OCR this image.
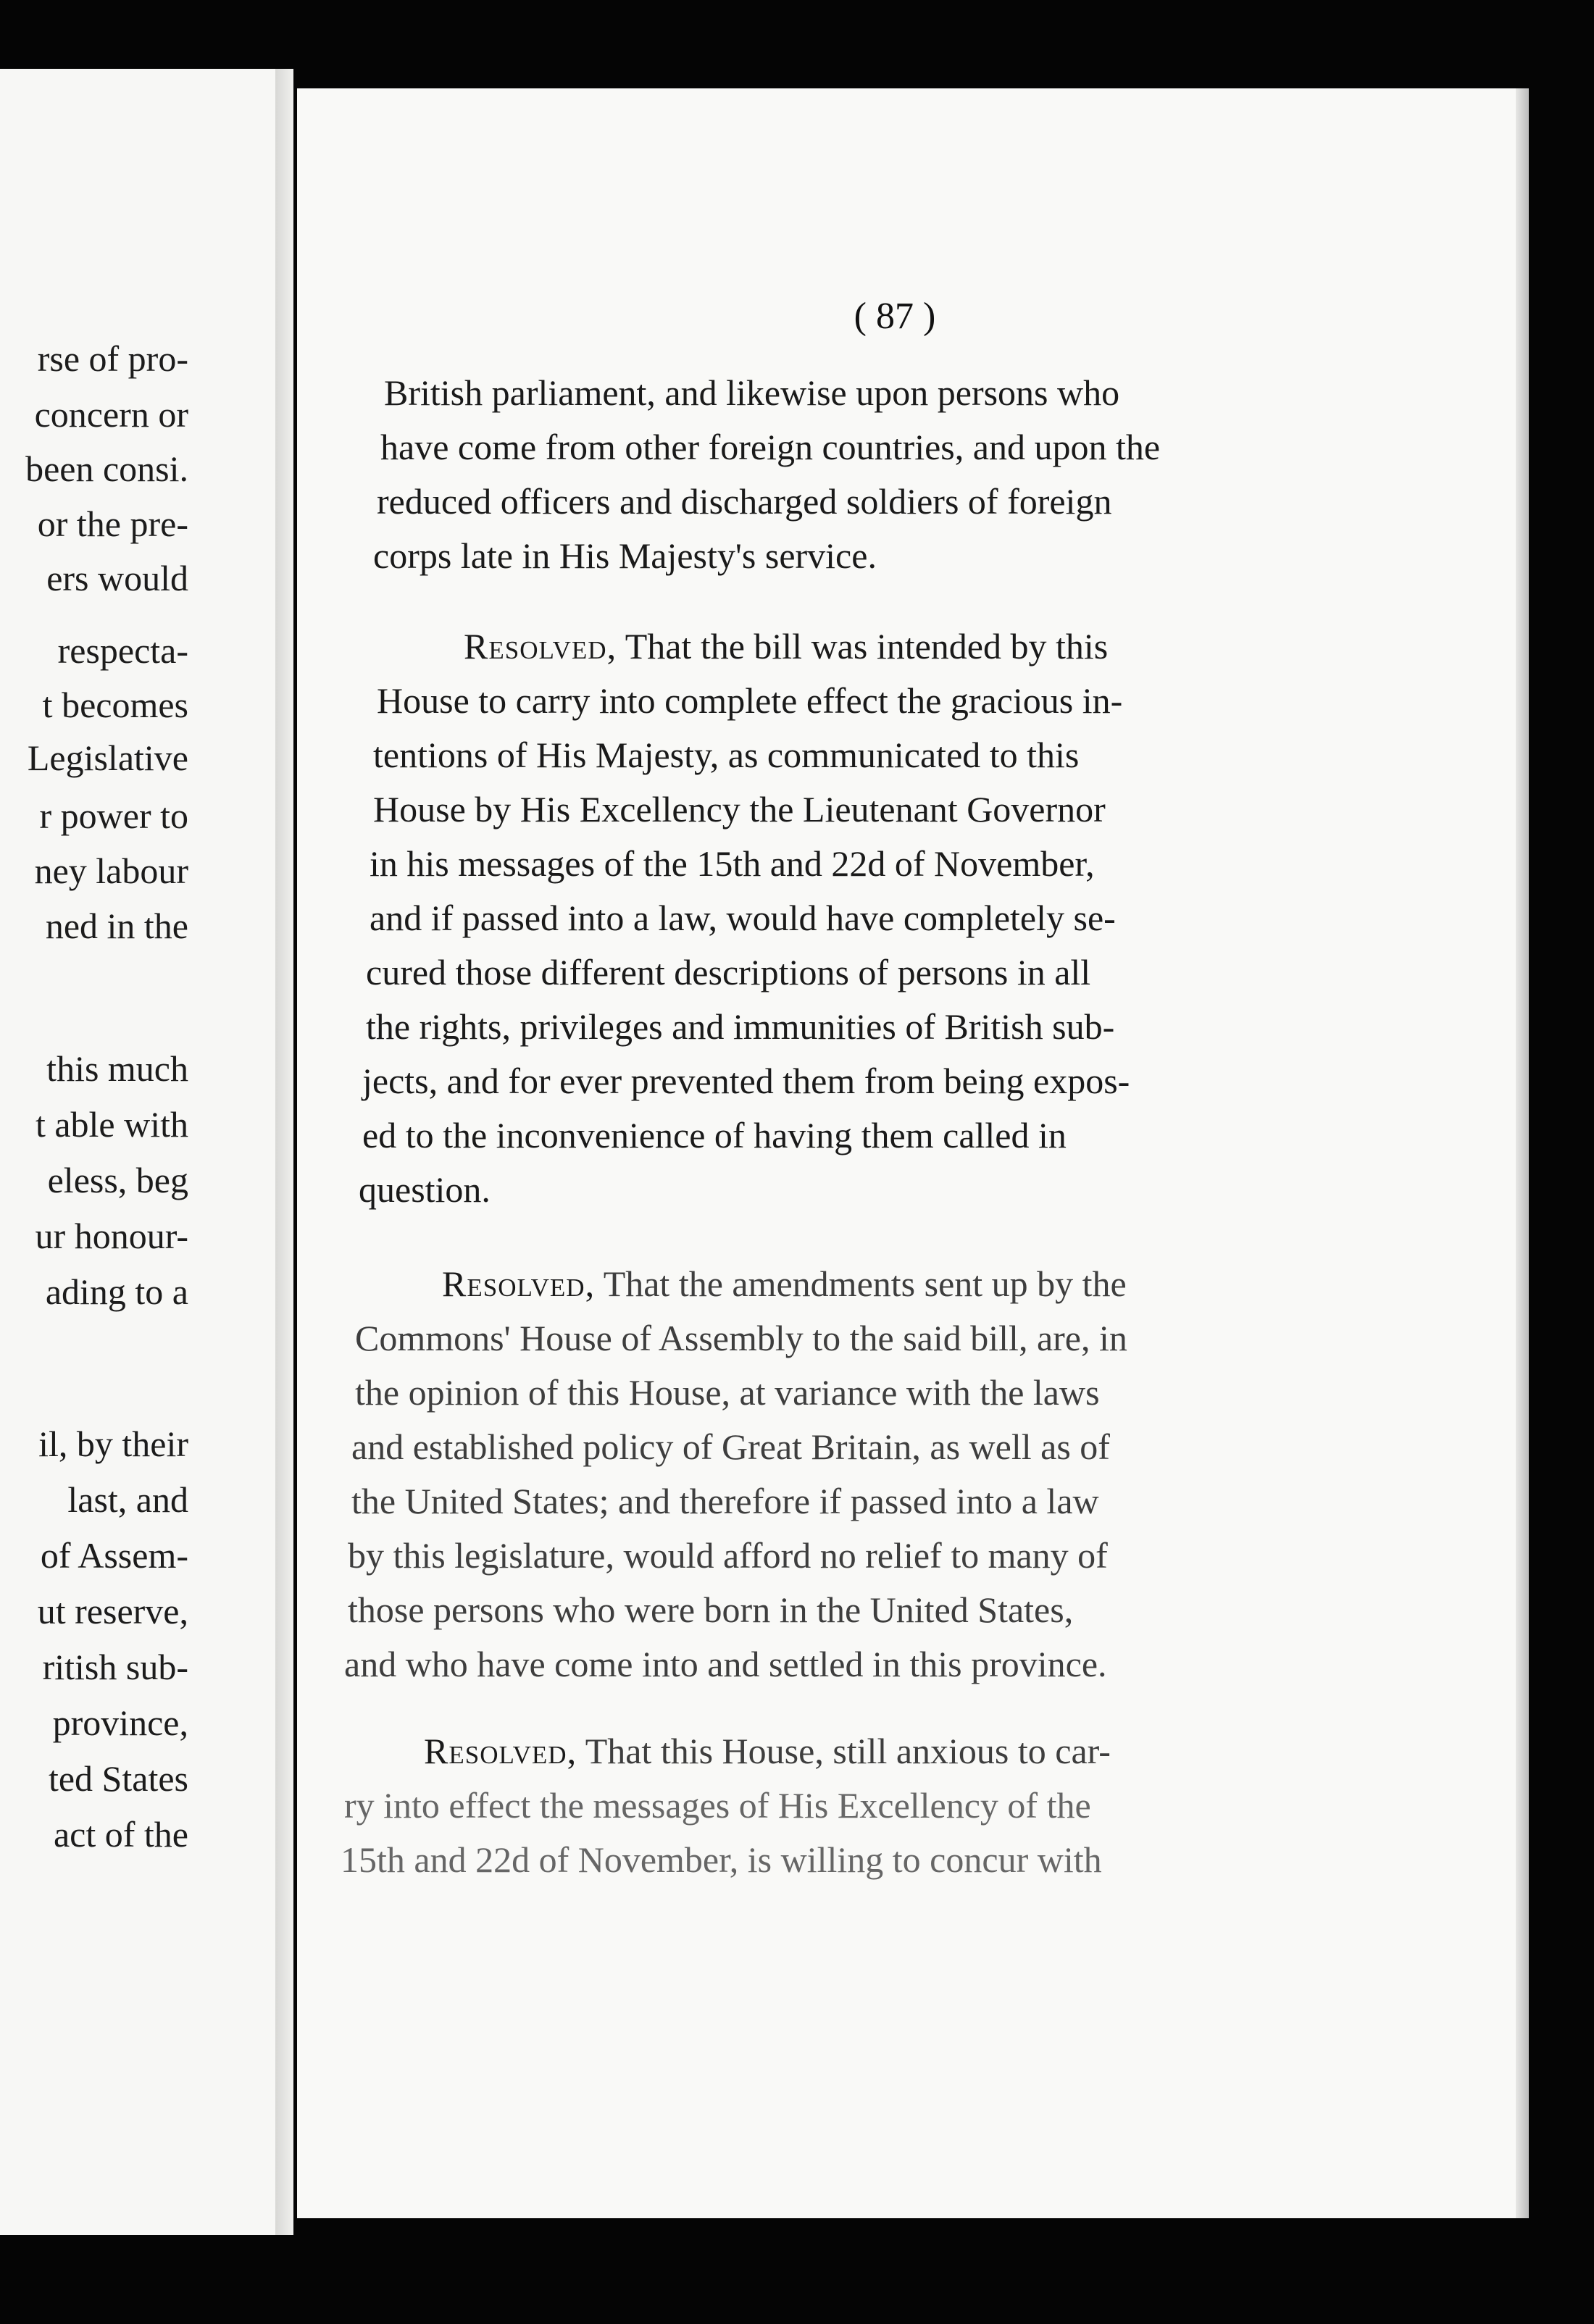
rse of pro-
concern or
been consi.
or the pre-
ers would
respecta-
t becomes
Legislative
r power to
ney labour
ned in the
this much
t able with
eless, beg
ur honour-
ading to a
il, by their
last, and
of Assem-
ut reserve,
ritish sub-
province,
ted States
act of the
( 87 )
British parliament, and likewise upon persons who
have come from other foreign countries, and upon the
reduced officers and discharged soldiers of foreign
corps late in His Majesty's service.
Resolved, That the bill was intended by this
House to carry into complete effect the gracious in-
tentions of His Majesty, as communicated to this
House by His Excellency the Lieutenant Governor
in his messages of the 15th and 22d of November,
and if passed into a law, would have completely se-
cured those different descriptions of persons in all
the rights, privileges and immunities of British sub-
jects, and for ever prevented them from being expos-
ed to the inconvenience of having them called in
question.
Resolved, That the amendments sent up by the
Commons' House of Assembly to the said bill, are, in
the opinion of this House, at variance with the laws
and established policy of Great Britain, as well as of
the United States; and therefore if passed into a law
by this legislature, would afford no relief to many of
those persons who were born in the United States,
and who have come into and settled in this province.
Resolved, That this House, still anxious to car-
ry into effect the messages of His Excellency of the
15th and 22d of November, is willing to concur with
